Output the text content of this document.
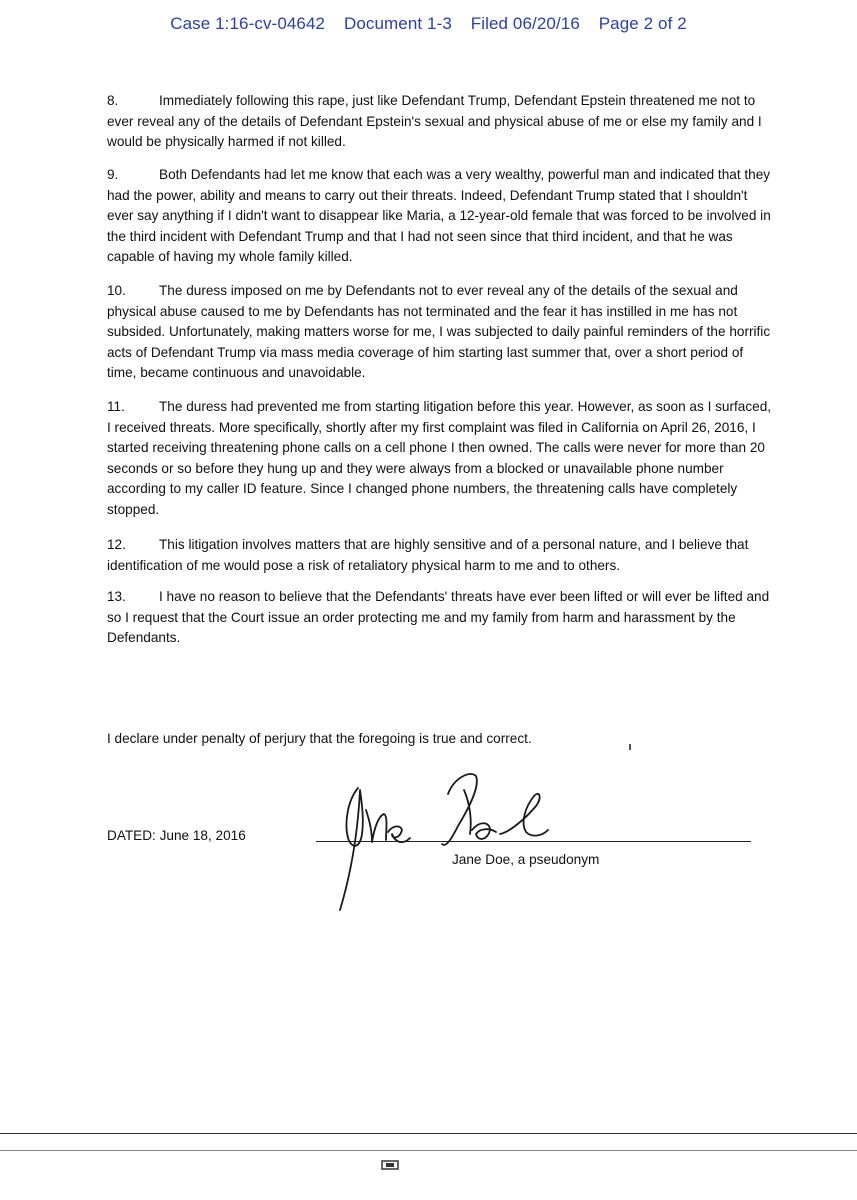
Case 1:16-cv-04642 Document 1-3 Filed 06/20/16 Page 2 of 2

8.	Immediately following this rape, just like Defendant Trump, Defendant Epstein threatened me not to ever reveal any of the details of Defendant Epstein's sexual and physical abuse of me or else my family and I would be physically harmed if not killed.

9.	Both Defendants had let me know that each was a very wealthy, powerful man and indicated that they had the power, ability and means to carry out their threats. Indeed, Defendant Trump stated that I shouldn't ever say anything if I didn't want to disappear like Maria, a 12-year-old female that was forced to be involved in the third incident with Defendant Trump and that I had not seen since that third incident, and that he was capable of having my whole family killed.

10. The duress imposed on me by Defendants not to ever reveal any of the details of the sexual and physical abuse caused to me by Defendants has not terminated and the fear it has instilled in me has not subsided. Unfortunately, making matters worse for me, I was subjected to daily painful reminders of the horrific acts of Defendant Trump via mass media coverage of him starting last summer that, over a short period of time, became continuous and unavoidable.

11.	The duress had prevented me from starting litigation before this year. However, as soon as I surfaced, I received threats. More specifically, shortly after my first complaint was filed in California on April 26, 2016, I started receiving threatening phone calls on a cell phone I then owned. The calls were never for more than 20 seconds or so before they hung up and they were always from a blocked or unavailable phone number according to my caller ID feature. Since I changed phone numbers, the threatening calls have completely stopped.

12. This litigation involves matters that are highly sensitive and of a personal nature, and I believe that identification of me would pose a risk of retaliatory physical harm to me and to others.

13. I have no reason to believe that the Defendants' threats have ever been lifted or will ever be lifted and so I request that the Court issue an order protecting me and my family from harm and harassment by the Defendants.

I declare under penalty of perjury that the foregoing is true and correct.
DATED: June 18, 2016
Jane Doe, a pseudonym
